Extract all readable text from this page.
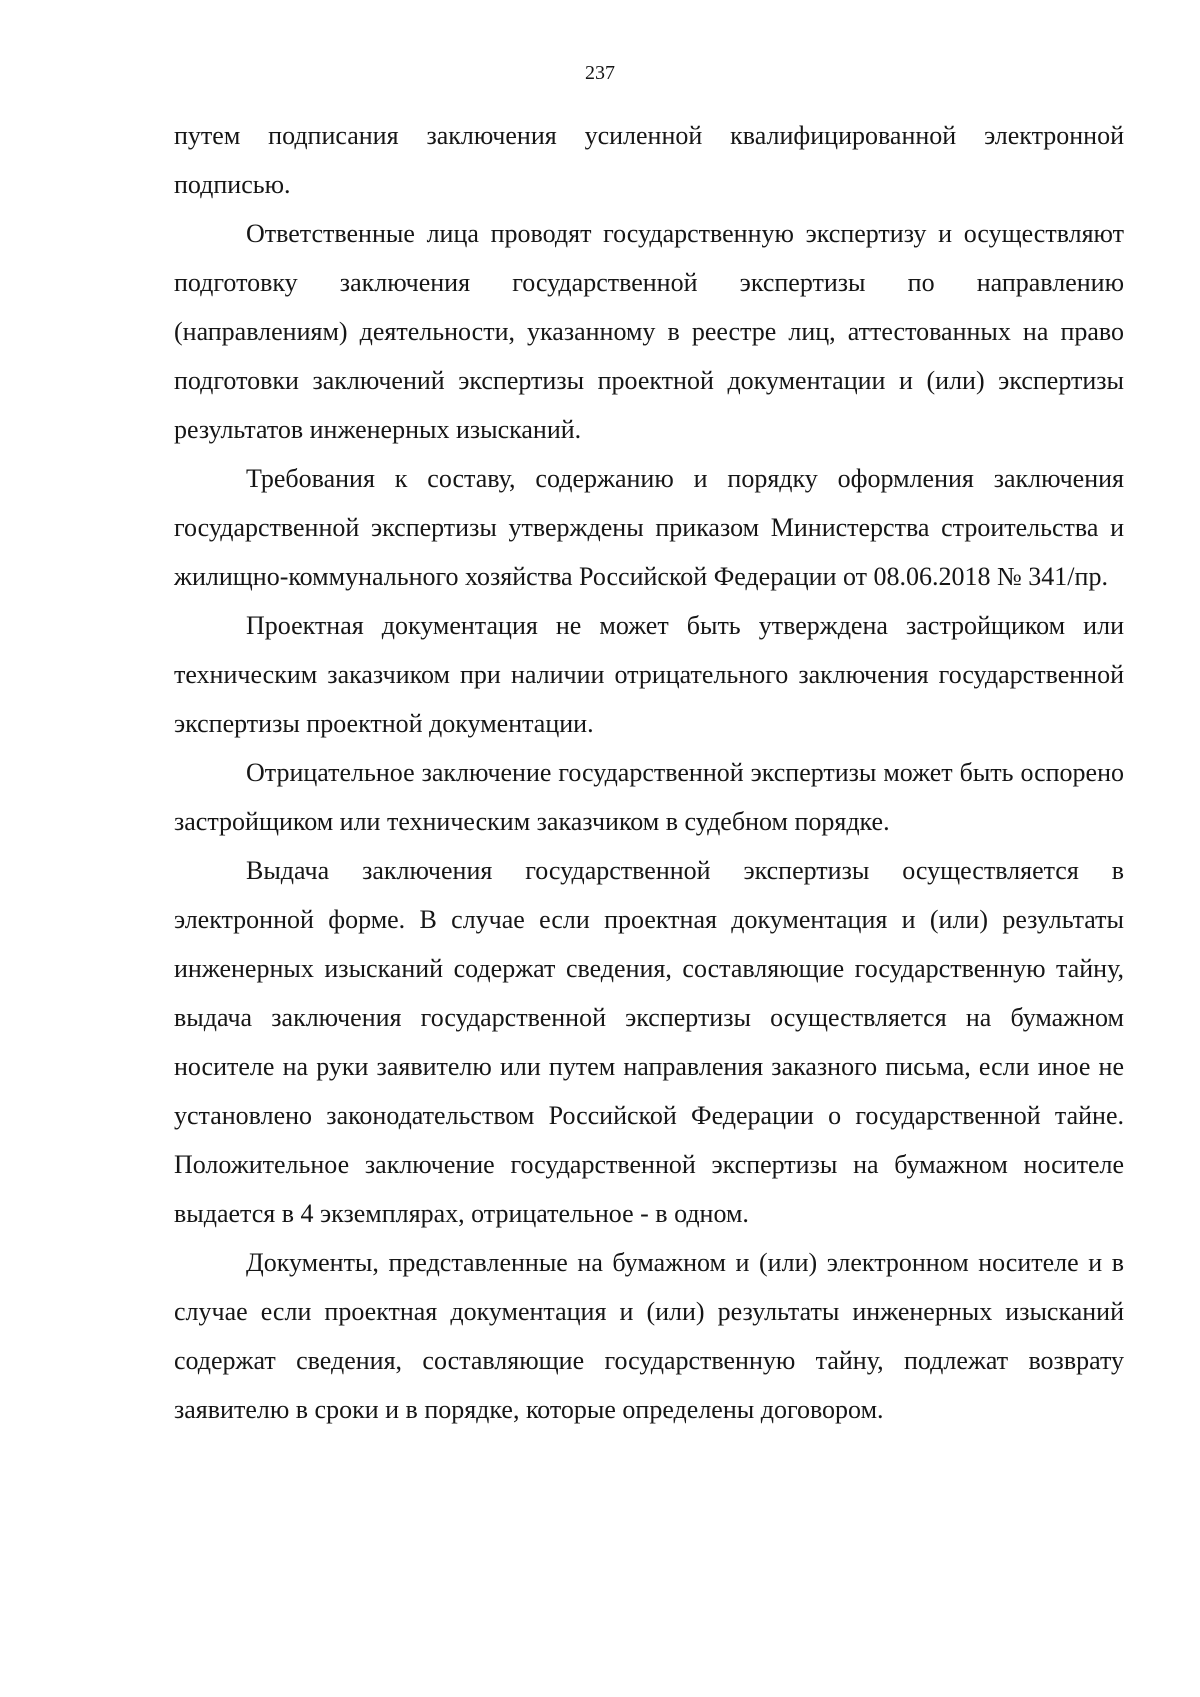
237

путем подписания заключения усиленной квалифицированной электронной подписью.

Ответственные лица проводят государственную экспертизу и осуществляют подготовку заключения государственной экспертизы по направлению (направлениям) деятельности, указанному в реестре лиц, аттестованных на право подготовки заключений экспертизы проектной документации и (или) экспертизы результатов инженерных изысканий.

Требования к составу, содержанию и порядку оформления заключения государственной экспертизы утверждены приказом Министерства строительства и жилищно-коммунального хозяйства Российской Федерации от 08.06.2018 № 341/пр.

Проектная документация не может быть утверждена застройщиком или техническим заказчиком при наличии отрицательного заключения государственной экспертизы проектной документации.

Отрицательное заключение государственной экспертизы может быть оспорено застройщиком или техническим заказчиком в судебном порядке.

Выдача заключения государственной экспертизы осуществляется в электронной форме. В случае если проектная документация и (или) результаты инженерных изысканий содержат сведения, составляющие государственную тайну, выдача заключения государственной экспертизы осуществляется на бумажном носителе на руки заявителю или путем направления заказного письма, если иное не установлено законодательством Российской Федерации о государственной тайне. Положительное заключение государственной экспертизы на бумажном носителе выдается в 4 экземплярах, отрицательное - в одном.

Документы, представленные на бумажном и (или) электронном носителе и в случае если проектная документация и (или) результаты инженерных изысканий содержат сведения, составляющие государственную тайну, подлежат возврату заявителю в сроки и в порядке, которые определены договором.
